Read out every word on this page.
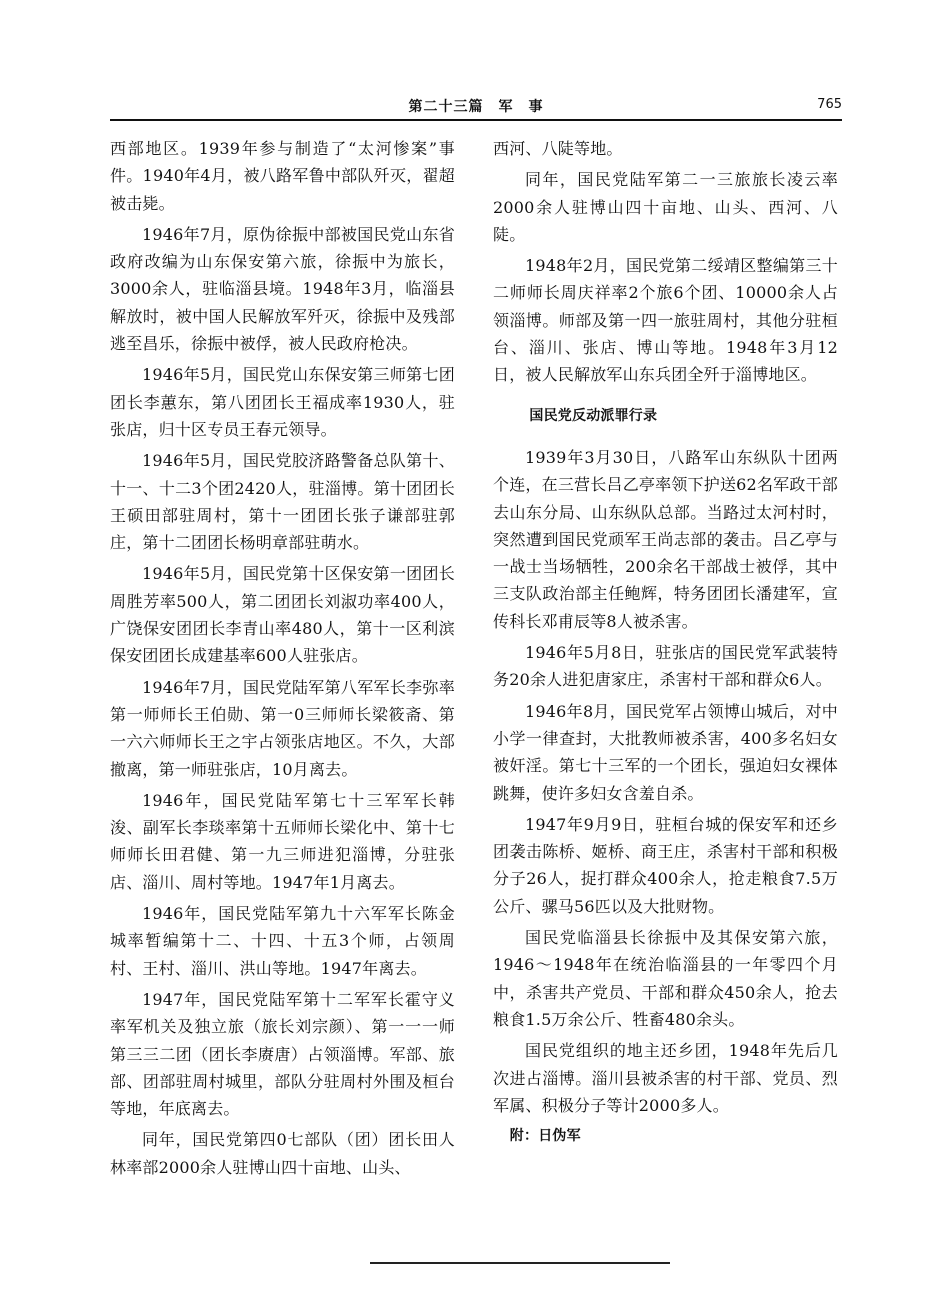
第二十三篇　军　事	765

西部地区。1939年参与制造了“太河惨案”事件。1940年4月，被八路军鲁中部队歼灭，翟超被击毙。

1946年7月，原伪徐振中部被国民党山东省政府改编为山东保安第六旅，徐振中为旅长，3000余人，驻临淄县境。1948年3月，临淄县解放时，被中国人民解放军歼灭，徐振中及残部逃至昌乐，徐振中被俘，被人民政府枪决。

1946年5月，国民党山东保安第三师第七团团长李蕙东，第八团团长王福成率1930人，驻张店，归十区专员王春元领导。

1946年5月，国民党胶济路警备总队第十、十一、十二3个团2420人，驻淄博。第十团团长王硕田部驻周村，第十一团团长张子谦部驻郭庄，第十二团团长杨明章部驻萌水。

1946年5月，国民党第十区保安第一团团长周胜芳率500人，第二团团长刘淑功率400人，广饶保安团团长李青山率480人，第十一区利滨保安团团长成建基率600人驻张店。

1946年7月，国民党陆军第八军军长李弥率第一师师长王伯勋、第一0三师师长梁筱斋、第一六六师师长王之宇占领张店地区。不久，大部撤离，第一师驻张店，10月离去。

1946年，国民党陆军第七十三军军长韩浚、副军长李琰率第十五师师长梁化中、第十七师师长田君健、第一九三师进犯淄博，分驻张店、淄川、周村等地。1947年1月离去。

1946年，国民党陆军第九十六军军长陈金城率暂编第十二、十四、十五3个师，占领周村、王村、淄川、洪山等地。1947年离去。

1947年，国民党陆军第十二军军长霍守义率军机关及独立旅（旅长刘宗颜）、第一一一师第三三二团（团长李赓唐）占领淄博。军部、旅部、团部驻周村城里，部队分驻周村外围及桓台等地，年底离去。

同年，国民党第四0七部队（团）团长田人林率部2000余人驻博山四十亩地、山头、

西河、八陡等地。

同年，国民党陆军第二一三旅旅长凌云率2000余人驻博山四十亩地、山头、西河、八陡。

1948年2月，国民党第二绥靖区整编第三十二师师长周庆祥率2个旅6个团、10000余人占领淄博。师部及第一四一旅驻周村，其他分驻桓台、淄川、张店、博山等地。1948年3月12日，被人民解放军山东兵团全歼于淄博地区。

国民党反动派罪行录

1939年3月30日，八路军山东纵队十团两个连，在三营长吕乙亭率领下护送62名军政干部去山东分局、山东纵队总部。当路过太河村时，突然遭到国民党顽军王尚志部的袭击。吕乙亭与一战士当场牺牲，200余名干部战士被俘，其中三支队政治部主任鲍辉，特务团团长潘建军，宣传科长邓甫辰等8人被杀害。

1946年5月8日，驻张店的国民党军武装特务20余人进犯唐家庄，杀害村干部和群众6人。

1946年8月，国民党军占领博山城后，对中小学一律查封，大批教师被杀害，400多名妇女被奸淫。第七十三军的一个团长，强迫妇女裸体跳舞，使许多妇女含羞自杀。

1947年9月9日，驻桓台城的保安军和还乡团袭击陈桥、姬桥、商王庄，杀害村干部和积极分子26人，捉打群众400余人，抢走粮食7.5万公斤、骡马56匹以及大批财物。

国民党临淄县长徐振中及其保安第六旅，1946～1948年在统治临淄县的一年零四个月中，杀害共产党员、干部和群众450余人，抢去粮食1.5万余公斤、牲畜480余头。

国民党组织的地主还乡团，1948年先后几次进占淄博。淄川县被杀害的村干部、党员、烈军属、积极分子等计2000多人。

附：日伪军
